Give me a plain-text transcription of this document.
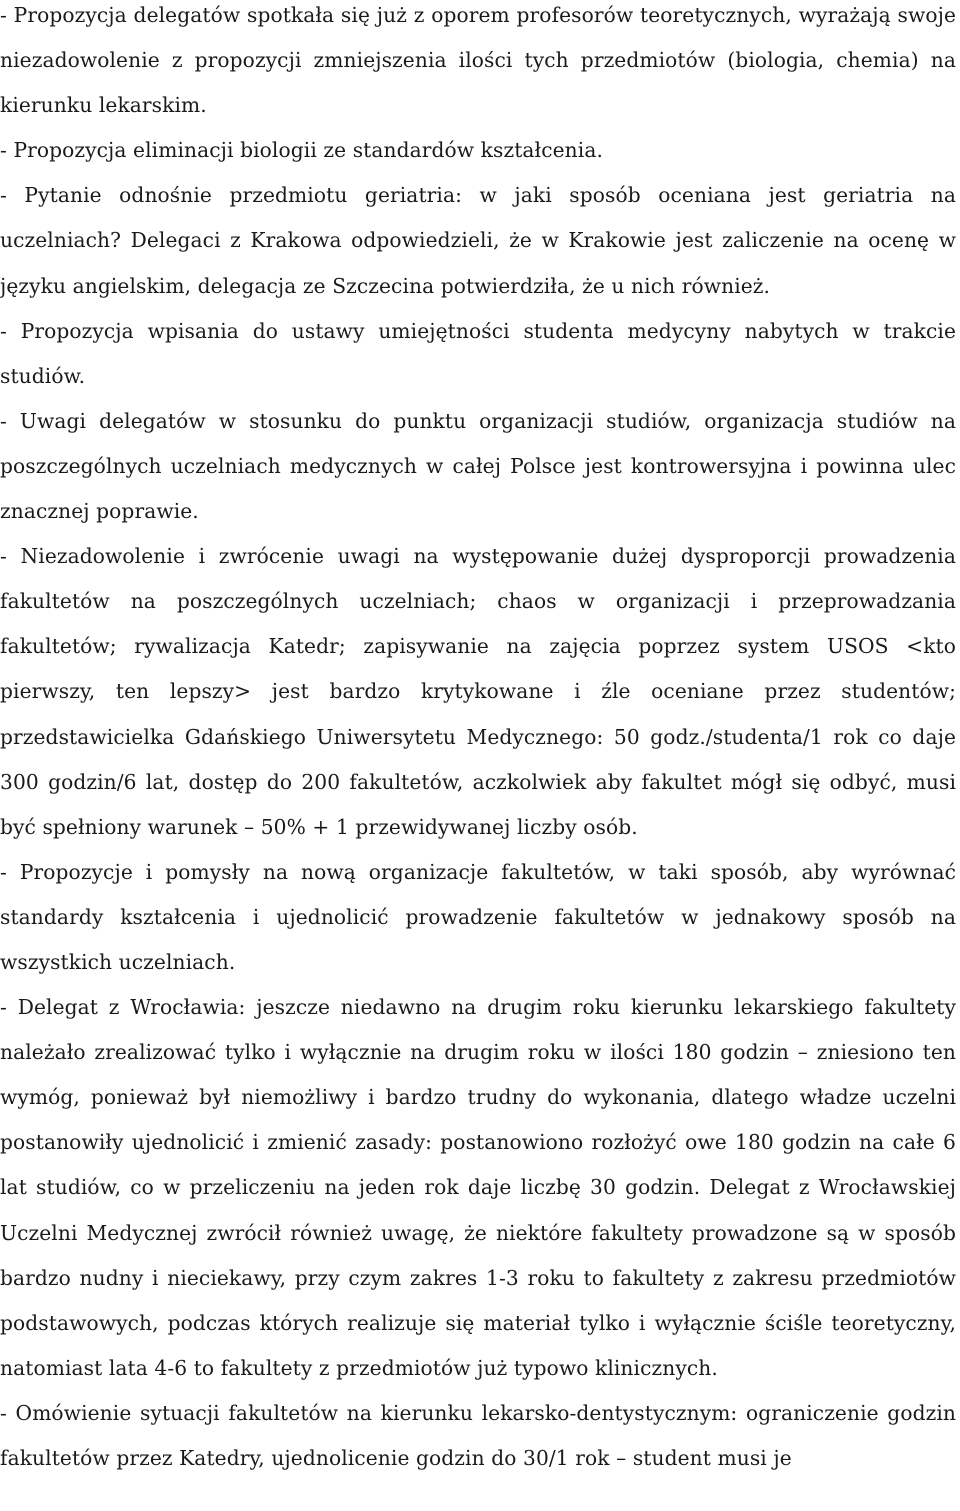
- Propozycja delegatów spotkała się już z oporem profesorów teoretycznych, wyrażają swoje niezadowolenie z propozycji zmniejszenia ilości tych przedmiotów (biologia, chemia) na kierunku lekarskim.

- Propozycja eliminacji biologii ze standardów kształcenia.

- Pytanie odnośnie przedmiotu geriatria: w jaki sposób oceniana jest geriatria na uczelniach? Delegaci z Krakowa odpowiedzieli, że w Krakowie jest zaliczenie na ocenę w języku angielskim, delegacja ze Szczecina potwierdziła, że u nich również.

- Propozycja wpisania do ustawy umiejętności studenta medycyny nabytych w trakcie studiów.

- Uwagi delegatów w stosunku do punktu organizacji studiów, organizacja studiów na poszczególnych uczelniach medycznych w całej Polsce jest kontrowersyjna i powinna ulec znacznej poprawie.

- Niezadowolenie i zwrócenie uwagi na występowanie dużej dysproporcji prowadzenia fakultetów na poszczególnych uczelniach; chaos w organizacji i przeprowadzania fakultetów; rywalizacja Katedr; zapisywanie na zajęcia poprzez system USOS <kto pierwszy, ten lepszy> jest bardzo krytykowane i źle oceniane przez studentów; przedstawicielka Gdańskiego Uniwersytetu Medycznego: 50 godz./studenta/1 rok co daje 300 godzin/6 lat, dostęp do 200 fakultetów, aczkolwiek aby fakultet mógł się odbyć, musi być spełniony warunek – 50% + 1 przewidywanej liczby osób.

- Propozycje i pomysły na nową organizacje fakultetów, w taki sposób, aby wyrównać standardy kształcenia i ujednolicić prowadzenie fakultetów w jednakowy sposób na wszystkich uczelniach.

- Delegat z Wrocławia: jeszcze niedawno na drugim roku kierunku lekarskiego fakultety należało zrealizować tylko i wyłącznie na drugim roku w ilości 180 godzin – zniesiono ten wymóg, ponieważ był niemożliwy i bardzo trudny do wykonania, dlatego władze uczelni postanowiły ujednolicić i zmienić zasady: postanowiono rozłożyć owe 180 godzin na całe 6 lat studiów, co w przeliczeniu na jeden rok daje liczbę 30 godzin. Delegat z Wrocławskiej Uczelni Medycznej zwrócił również uwagę, że niektóre fakultety prowadzone są w sposób bardzo nudny i nieciekawy, przy czym zakres 1-3 roku to fakultety z zakresu przedmiotów podstawowych, podczas których realizuje się materiał tylko i wyłącznie ściśle teoretyczny, natomiast lata 4-6 to fakultety z przedmiotów już typowo klinicznych.

- Omówienie sytuacji fakultetów na kierunku lekarsko-dentystycznym: ograniczenie godzin fakultetów przez Katedry, ujednolicenie godzin do 30/1 rok – student musi je
